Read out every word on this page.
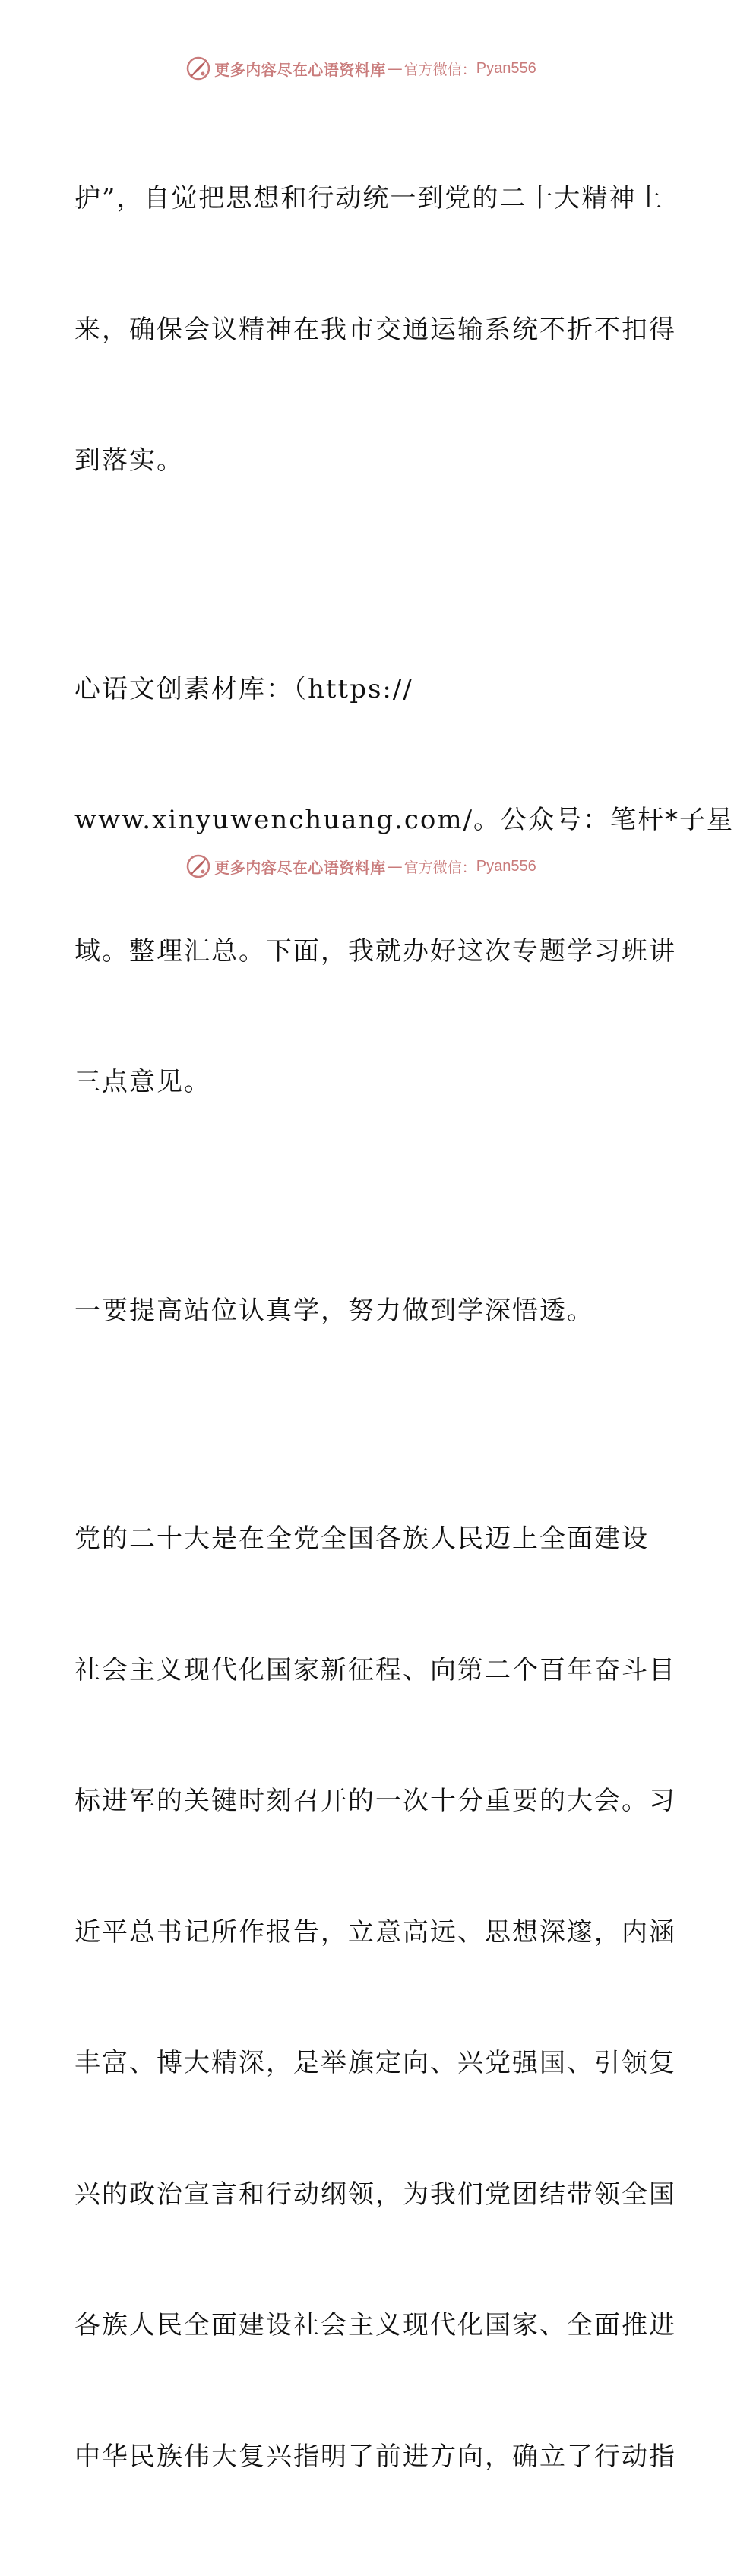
更多内容尽在心语资料库 — 官方微信： Pyan556

护”，自觉把思想和行动统一到党的二十大精神上

来，确保会议精神在我市交通运输系统不折不扣得

到落实。

心语文创素材库：（https://

www.xinyuwenchuang.com/。公众号：笔杆*子星

域。整理汇总。下面，我就办好这次专题学习班讲

三点意见。

一要提高站位认真学，努力做到学深悟透。

党的二十大是在全党全国各族人民迈上全面建设

社会主义现代化国家新征程、向第二个百年奋斗目

标进军的关键时刻召开的一次十分重要的大会。习

近平总书记所作报告，立意高远、思想深邃，内涵

丰富、博大精深，是举旗定向、兴党强国、引领复

兴的政治宣言和行动纲领，为我们党团结带领全国

各族人民全面建设社会主义现代化国家、全面推进

中华民族伟大复兴指明了前进方向，确立了行动指

更多内容尽在心语资料库 — 官方微信： Pyan556
